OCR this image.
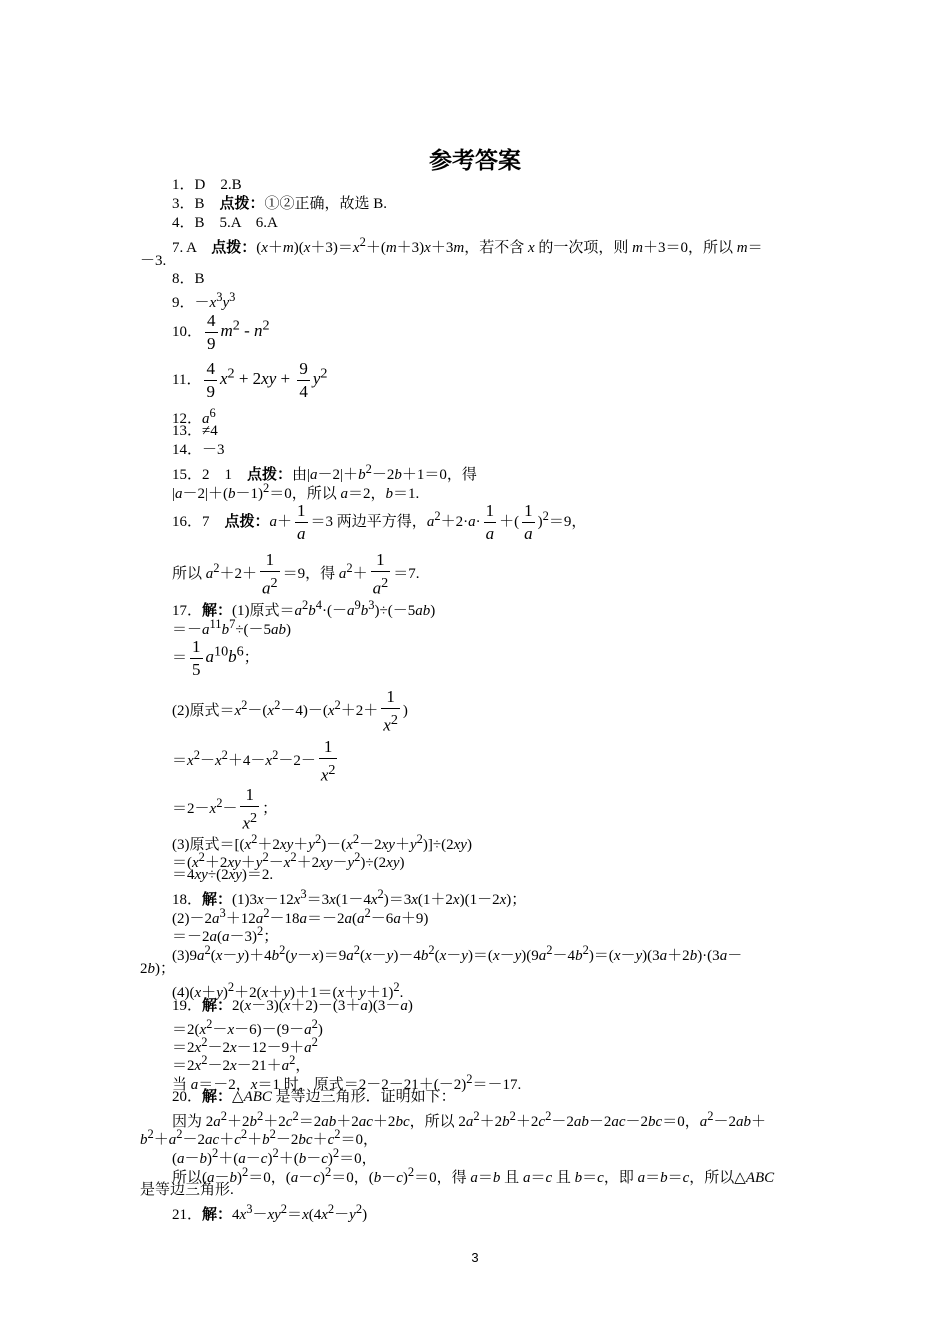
参考答案
1．D　2.B
3．B　点拨：①②正确，故选 B.
4．B　5.A　6.A
7. A　点拨：$(x+m)(x+3)=x^2+(m+3)x+3m$，若不含 x 的一次项，则 m＋3＝0，所以 m＝
－3.
8．B
9．$-x^3y^3$
10． $\frac{4}{9} m^2 - n^2$
11． $\frac{4}{9} x^2 + 2xy + \frac{9}{4} y^2$
12．$a^6$
13．≠4
14．－3
15．2　1　点拨：由$|a-2|+b^2-2b+1=0$，得
$|a-2|+(b-1)^2=0$，所以 a＝2，b＝1.
16．7　点拨：$a+ \frac{1}{a} =3$ 两边平方得，$a^2+2\cdot a\cdot \frac{1}{a}$ ＋( $\frac{1}{a} )^2=9$，
所以 $a^2+2+ \frac{1}{a^2} =9$，得 $a^2+ \frac{1}{a^2} =7$.
17．解：(1)原式$=a^2b^4\cdot(-a^9b^3)\div(-5ab)$
$=-a^{11}b^7\div(-5ab)$
＝ $\frac{1}{5} a^{10}b^6$；
(2)原式$=x^2-(x^2-4)-(x^2+2+ \frac{1}{x^2}$ )
$=x^2-x^2+4-x^2-2- \frac{1}{x^2}$
$=2-x^2- \frac{1}{x^2}$ ；
(3)原式$=[(x^2+2xy+y^2)-(x^2-2xy+y^2)]\div(2xy)$
$=(x^2+2xy+y^2-x^2+2xy-y^2)\div(2xy)$
＝4xy÷(2xy)＝2.
18．解：$(1)3x-12x^3=3x(1-4x^2)=3x(1+2x)(1-2x)$；
$(2)-2a^3+12a^2-18a=-2a(a^2-6a+9)$
$=-2a(a-3)^2$；
$(3)9a^2(x-y)+4b^2(y-x)=9a^2(x-y)-4b^2(x-y)=(x-y)(9a^2-4b^2)=(x-y)(3a+2b)\cdot(3a-$
2b)；
$(4)(x+y)^2+2(x+y)+1=(x+y+1)^2$.
19．解：2(x－3)(x＋2)－(3＋a)(3－a)
$=2(x^2-x-6)-(9-a^2)$
$=2x^2-2x-12-9+a^2$
$=2x^2-2x-21+a^2$，
当 a＝－2，x＝1 时，原式$=2-2-21+(-2)^2=-17$.
20．解：△ABC 是等边三角形．证明如下：
因为 $2a^2+2b^2+2c^2=2ab+2ac+2bc$，所以 $2a^2+2b^2+2c^2-2ab-2ac-2bc=0$，$a^2-2ab+$
$b^2+a^2-2ac+c^2+b^2-2bc+c^2=0$，
$(a-b)^2+(a-c)^2+(b-c)^2=0$，
所以$(a-b)^2=0$，$(a-c)^2=0$，$(b-c)^2=0$，得 a＝b 且 a＝c 且 b＝c，即 a＝b＝c，所以△ABC
是等边三角形.
21．解：$4x^3-xy^2=x(4x^2-y^2)$
3
